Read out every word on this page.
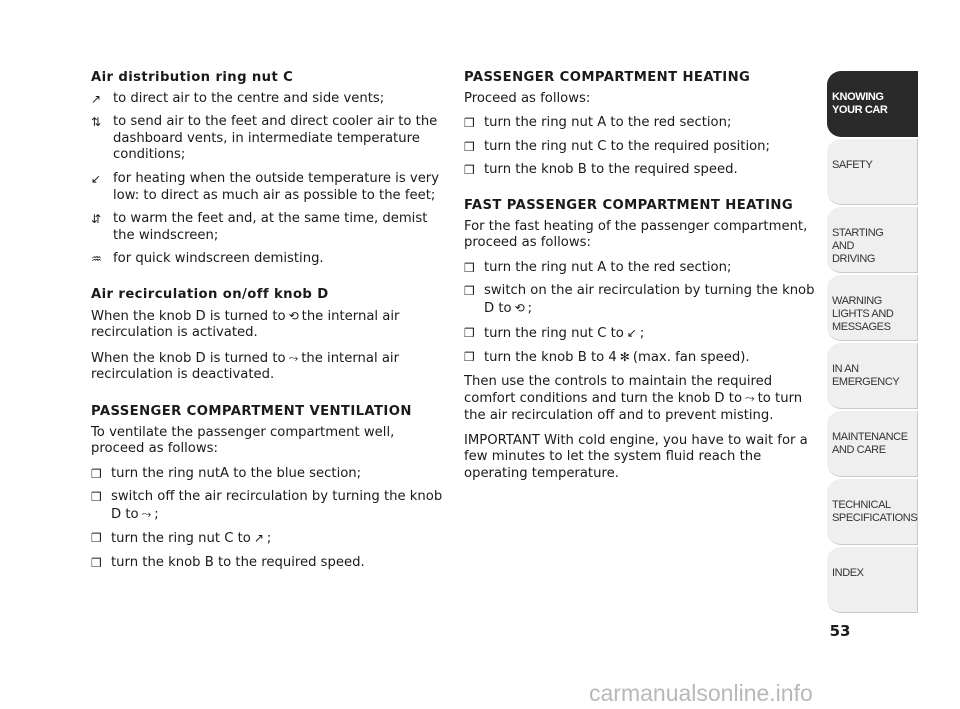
Air distribution ring nut C
↗ to direct air to the centre and side vents;
⇅ to send air to the feet and direct cooler air to the dashboard vents, in intermediate temperature conditions;
↙ for heating when the outside temperature is very low: to direct as much air as possible to the feet;
⇵ to warm the feet and, at the same time, demist the windscreen;
♒ for quick windscreen demisting.
Air recirculation on/off knob D
When the knob D is turned to ⟲ the internal air recirculation is activated.
When the knob D is turned to ⤳ the internal air recirculation is deactivated.
PASSENGER COMPARTMENT VENTILATION
To ventilate the passenger compartment well, proceed as follows:
❒ turn the ring nutA to the blue section;
❒ switch off the air recirculation by turning the knob D to ⤳ ;
❒ turn the ring nut C to ↗ ;
❒ turn the knob B to the required speed.
PASSENGER COMPARTMENT HEATING
Proceed as follows:
❒ turn the ring nut A to the red section;
❒ turn the ring nut C to the required position;
❒ turn the knob B to the required speed.
FAST PASSENGER COMPARTMENT HEATING
For the fast heating of the passenger compartment, proceed as follows:
❒ turn the ring nut A to the red section;
❒ switch on the air recirculation by turning the knob D to ⟲ ;
❒ turn the ring nut C to ↙ ;
❒ turn the knob B to 4 ✻ (max. fan speed).
Then use the controls to maintain the required comfort conditions and turn the knob D to ⤳ to turn the air recirculation off and to prevent misting.
IMPORTANT With cold engine, you have to wait for a few minutes to let the system fluid reach the operating temperature.
KNOWING
YOUR CAR
SAFETY
STARTING
AND
DRIVING
WARNING
LIGHTS AND
MESSAGES
IN AN
EMERGENCY
MAINTENANCE
AND CARE
TECHNICAL
SPECIFICATIONS
INDEX
53
carmanualsonline.info
